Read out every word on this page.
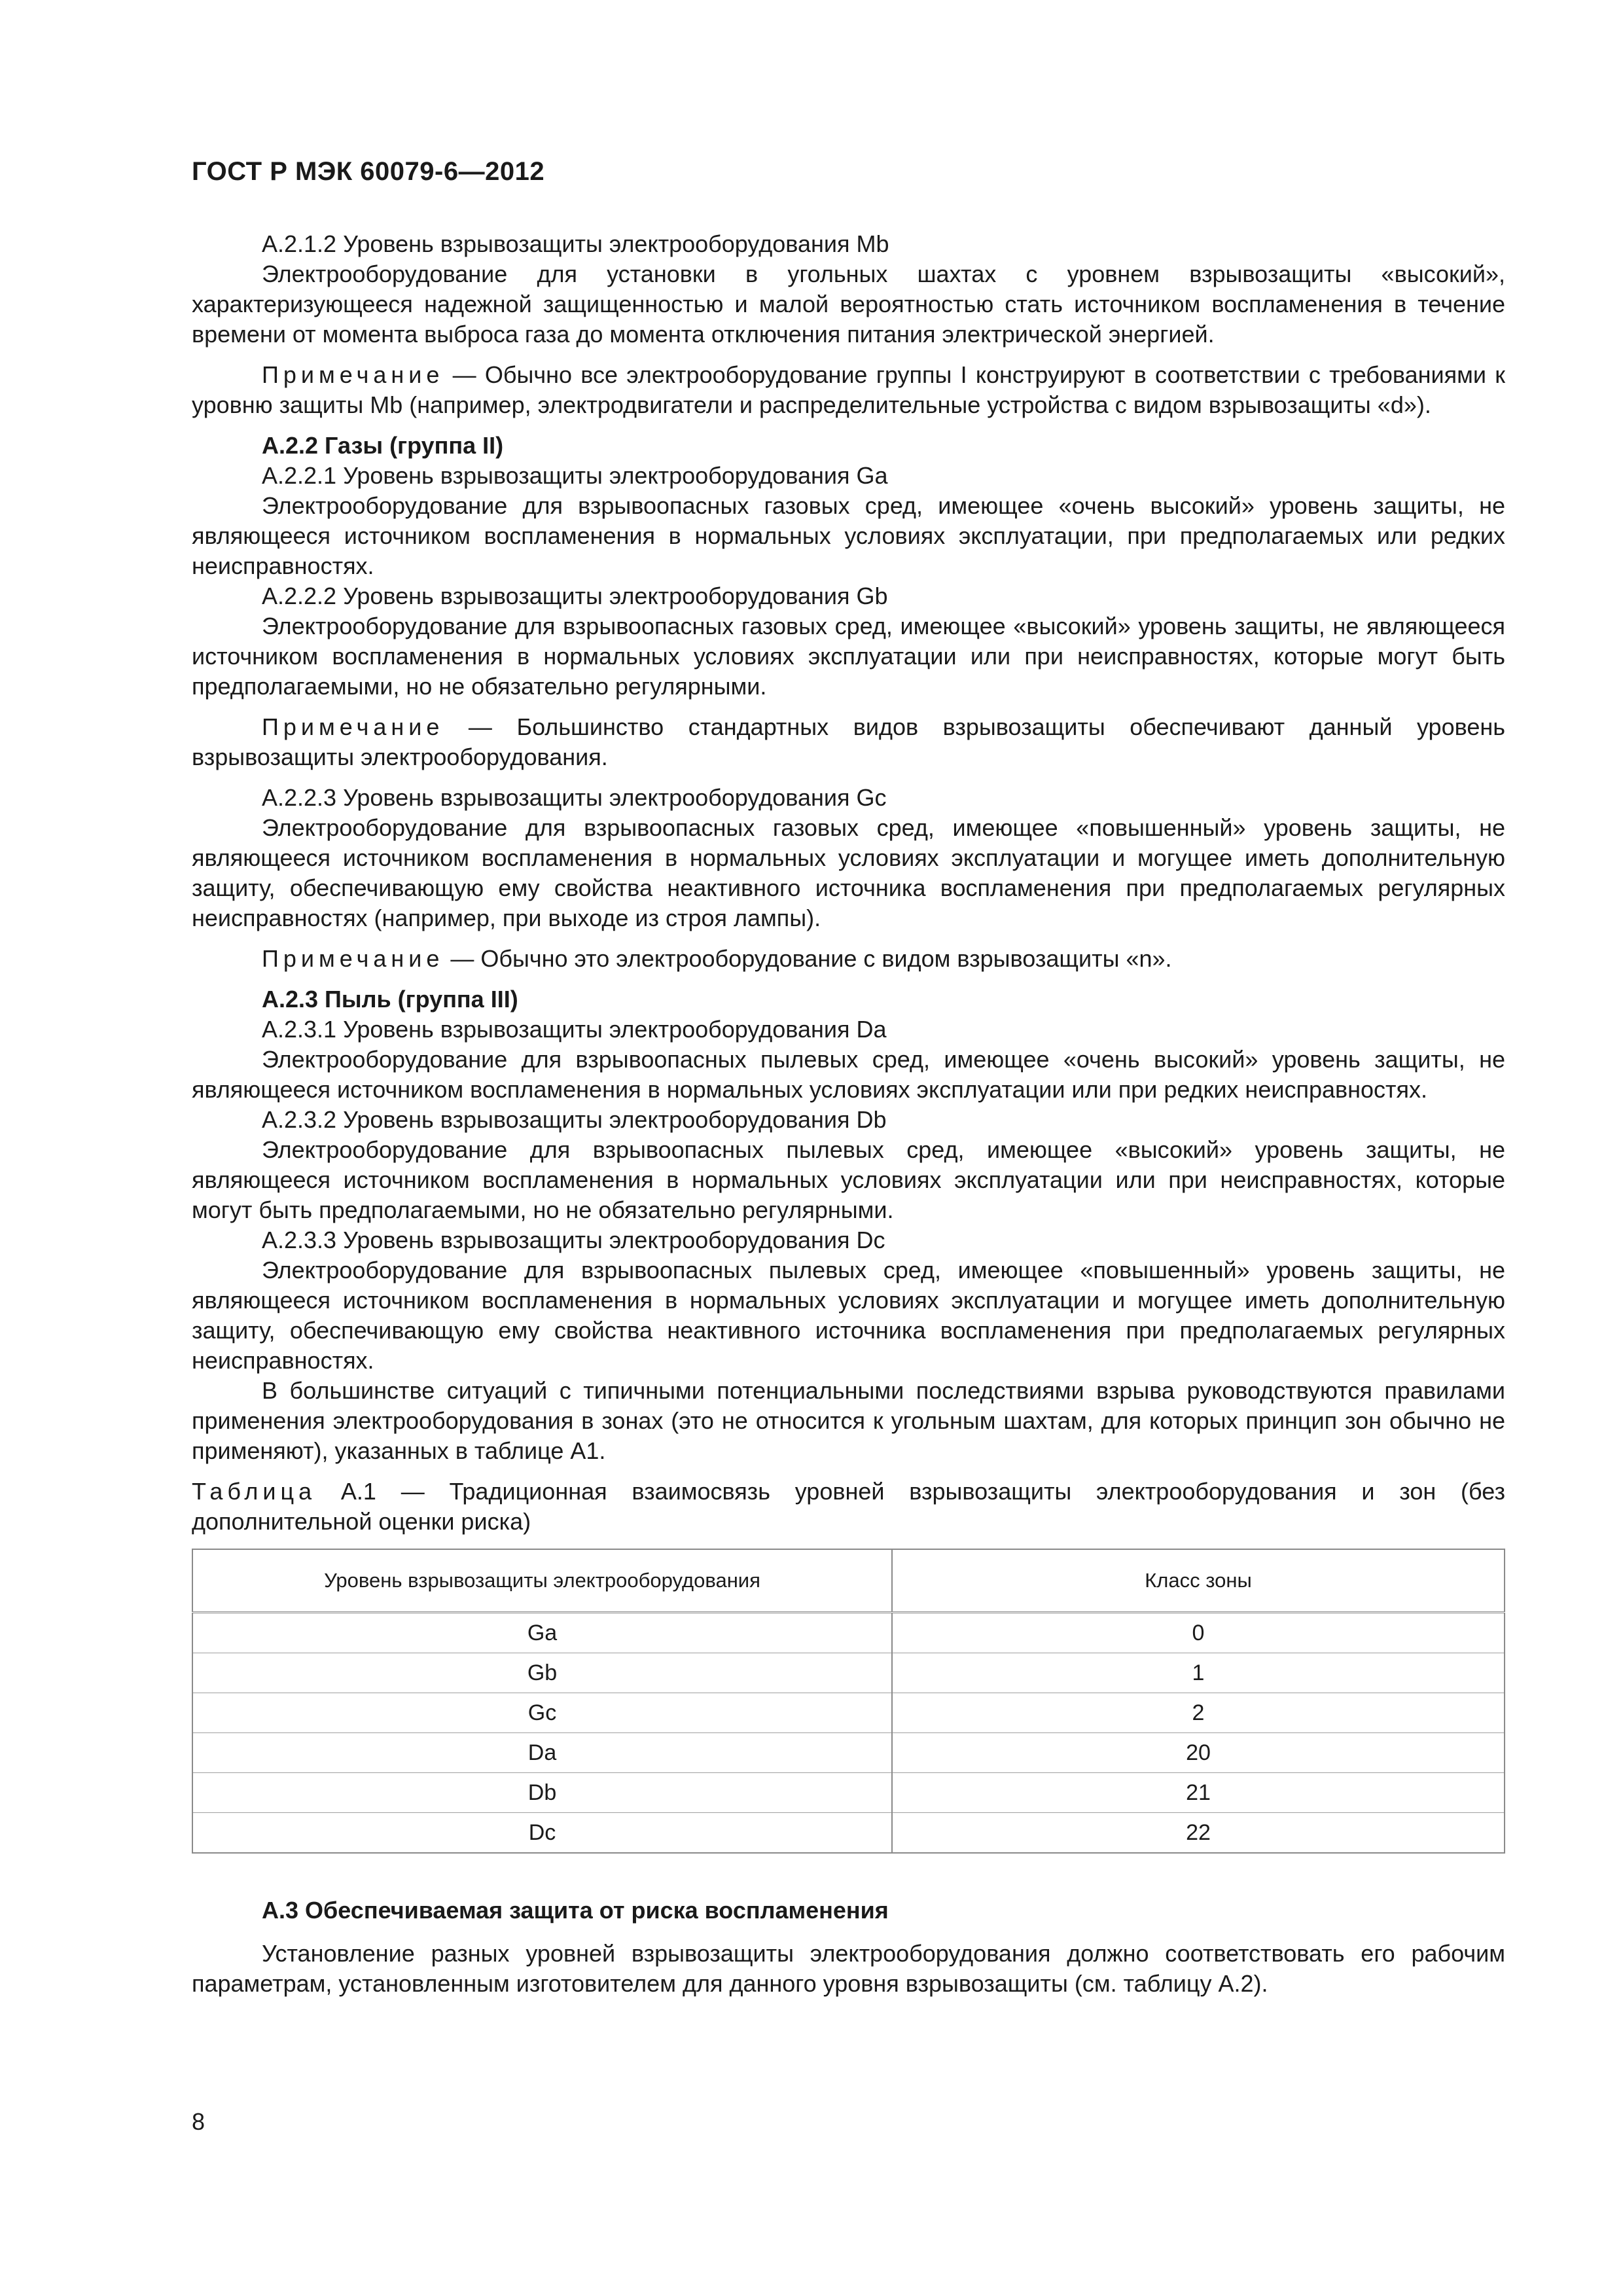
ГОСТ Р МЭК 60079-6—2012

А.2.1.2 Уровень взрывозащиты электрооборудования Mb

Электрооборудование для установки в угольных шахтах с уровнем взрывозащиты «высокий», характеризующееся надежной защищенностью и малой вероятностью стать источником воспламенения в течение времени от момента выброса газа до момента отключения питания электрической энергией.

Примечание — Обычно все электрооборудование группы I конструируют в соответствии с требованиями к уровню защиты Mb (например, электродвигатели и распределительные устройства с видом взрывозащиты «d»).

А.2.2 Газы (группа II)

А.2.2.1 Уровень взрывозащиты электрооборудования Ga

Электрооборудование для взрывоопасных газовых сред, имеющее «очень высокий» уровень защиты, не являющееся источником воспламенения в нормальных условиях эксплуатации, при предполагаемых или редких неисправностях.

А.2.2.2 Уровень взрывозащиты электрооборудования Gb

Электрооборудование для взрывоопасных газовых сред, имеющее «высокий» уровень защиты, не являющееся источником воспламенения в нормальных условиях эксплуатации или при неисправностях, которые могут быть предполагаемыми, но не обязательно регулярными.

Примечание — Большинство стандартных видов взрывозащиты обеспечивают данный уровень взрывозащиты электрооборудования.

А.2.2.3 Уровень взрывозащиты электрооборудования Gc

Электрооборудование для взрывоопасных газовых сред, имеющее «повышенный» уровень защиты, не являющееся источником воспламенения в нормальных условиях эксплуатации и могущее иметь дополнительную защиту, обеспечивающую ему свойства неактивного источника воспламенения при предполагаемых регулярных неисправностях (например, при выходе из строя лампы).

Примечание — Обычно это электрооборудование с видом взрывозащиты «n».

А.2.3 Пыль (группа III)

А.2.3.1 Уровень взрывозащиты электрооборудования Da

Электрооборудование для взрывоопасных пылевых сред, имеющее «очень высокий» уровень защиты, не являющееся источником воспламенения в нормальных условиях эксплуатации или при редких неисправностях.

А.2.3.2 Уровень взрывозащиты электрооборудования Db

Электрооборудование для взрывоопасных пылевых сред, имеющее «высокий» уровень защиты, не являющееся источником воспламенения в нормальных условиях эксплуатации или при неисправностях, которые могут быть предполагаемыми, но не обязательно регулярными.

А.2.3.3 Уровень взрывозащиты электрооборудования Dc

Электрооборудование для взрывоопасных пылевых сред, имеющее «повышенный» уровень защиты, не являющееся источником воспламенения в нормальных условиях эксплуатации и могущее иметь дополнительную защиту, обеспечивающую ему свойства неактивного источника воспламенения при предполагаемых регулярных неисправностях.

В большинстве ситуаций с типичными потенциальными последствиями взрыва руководствуются правилами применения электрооборудования в зонах (это не относится к угольным шахтам, для которых принцип зон обычно не применяют), указанных в таблице А1.

Таблица А.1 — Традиционная взаимосвязь уровней взрывозащиты электрооборудования и зон (без дополнительной оценки риска)

Уровень взрывозащиты электрооборудования	Класс зоны
Ga	0
Gb	1
Gc	2
Da	20
Db	21
Dc	22

А.3 Обеспечиваемая защита от риска воспламенения

Установление разных уровней взрывозащиты электрооборудования должно соответствовать его рабочим параметрам, установленным изготовителем для данного уровня взрывозащиты (см. таблицу А.2).

8
